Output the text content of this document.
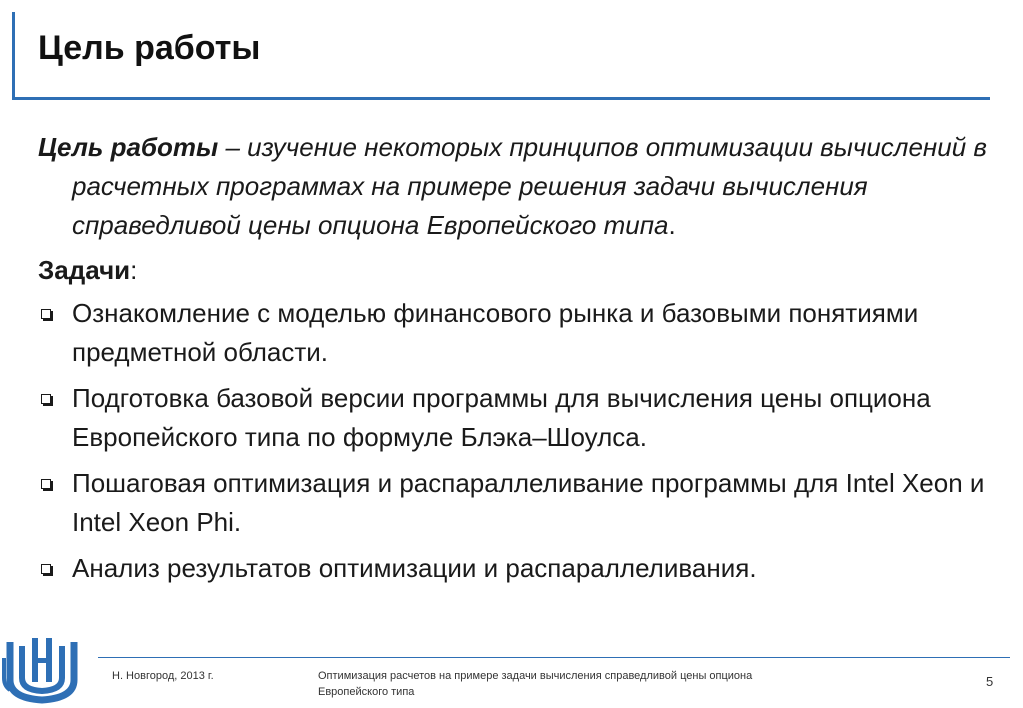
Цель работы

Цель работы – изучение некоторых принципов оптимизации вычислений в расчетных программах на примере решения задачи вычисления справедливой цены опциона Европейского типа.

Задачи:

Ознакомление с моделью финансового рынка и базовыми понятиями предметной области.
Подготовка базовой версии программы для вычисления цены опциона Европейского типа по формуле Блэка–Шоулса.
Пошаговая оптимизация и распараллеливание программы для Intel Xeon и Intel Xeon Phi.
Анализ результатов оптимизации и распараллеливания.
Н. Новгород, 2013 г.	Оптимизация расчетов на примере задачи вычисления справедливой цены опциона Европейского типа
5
